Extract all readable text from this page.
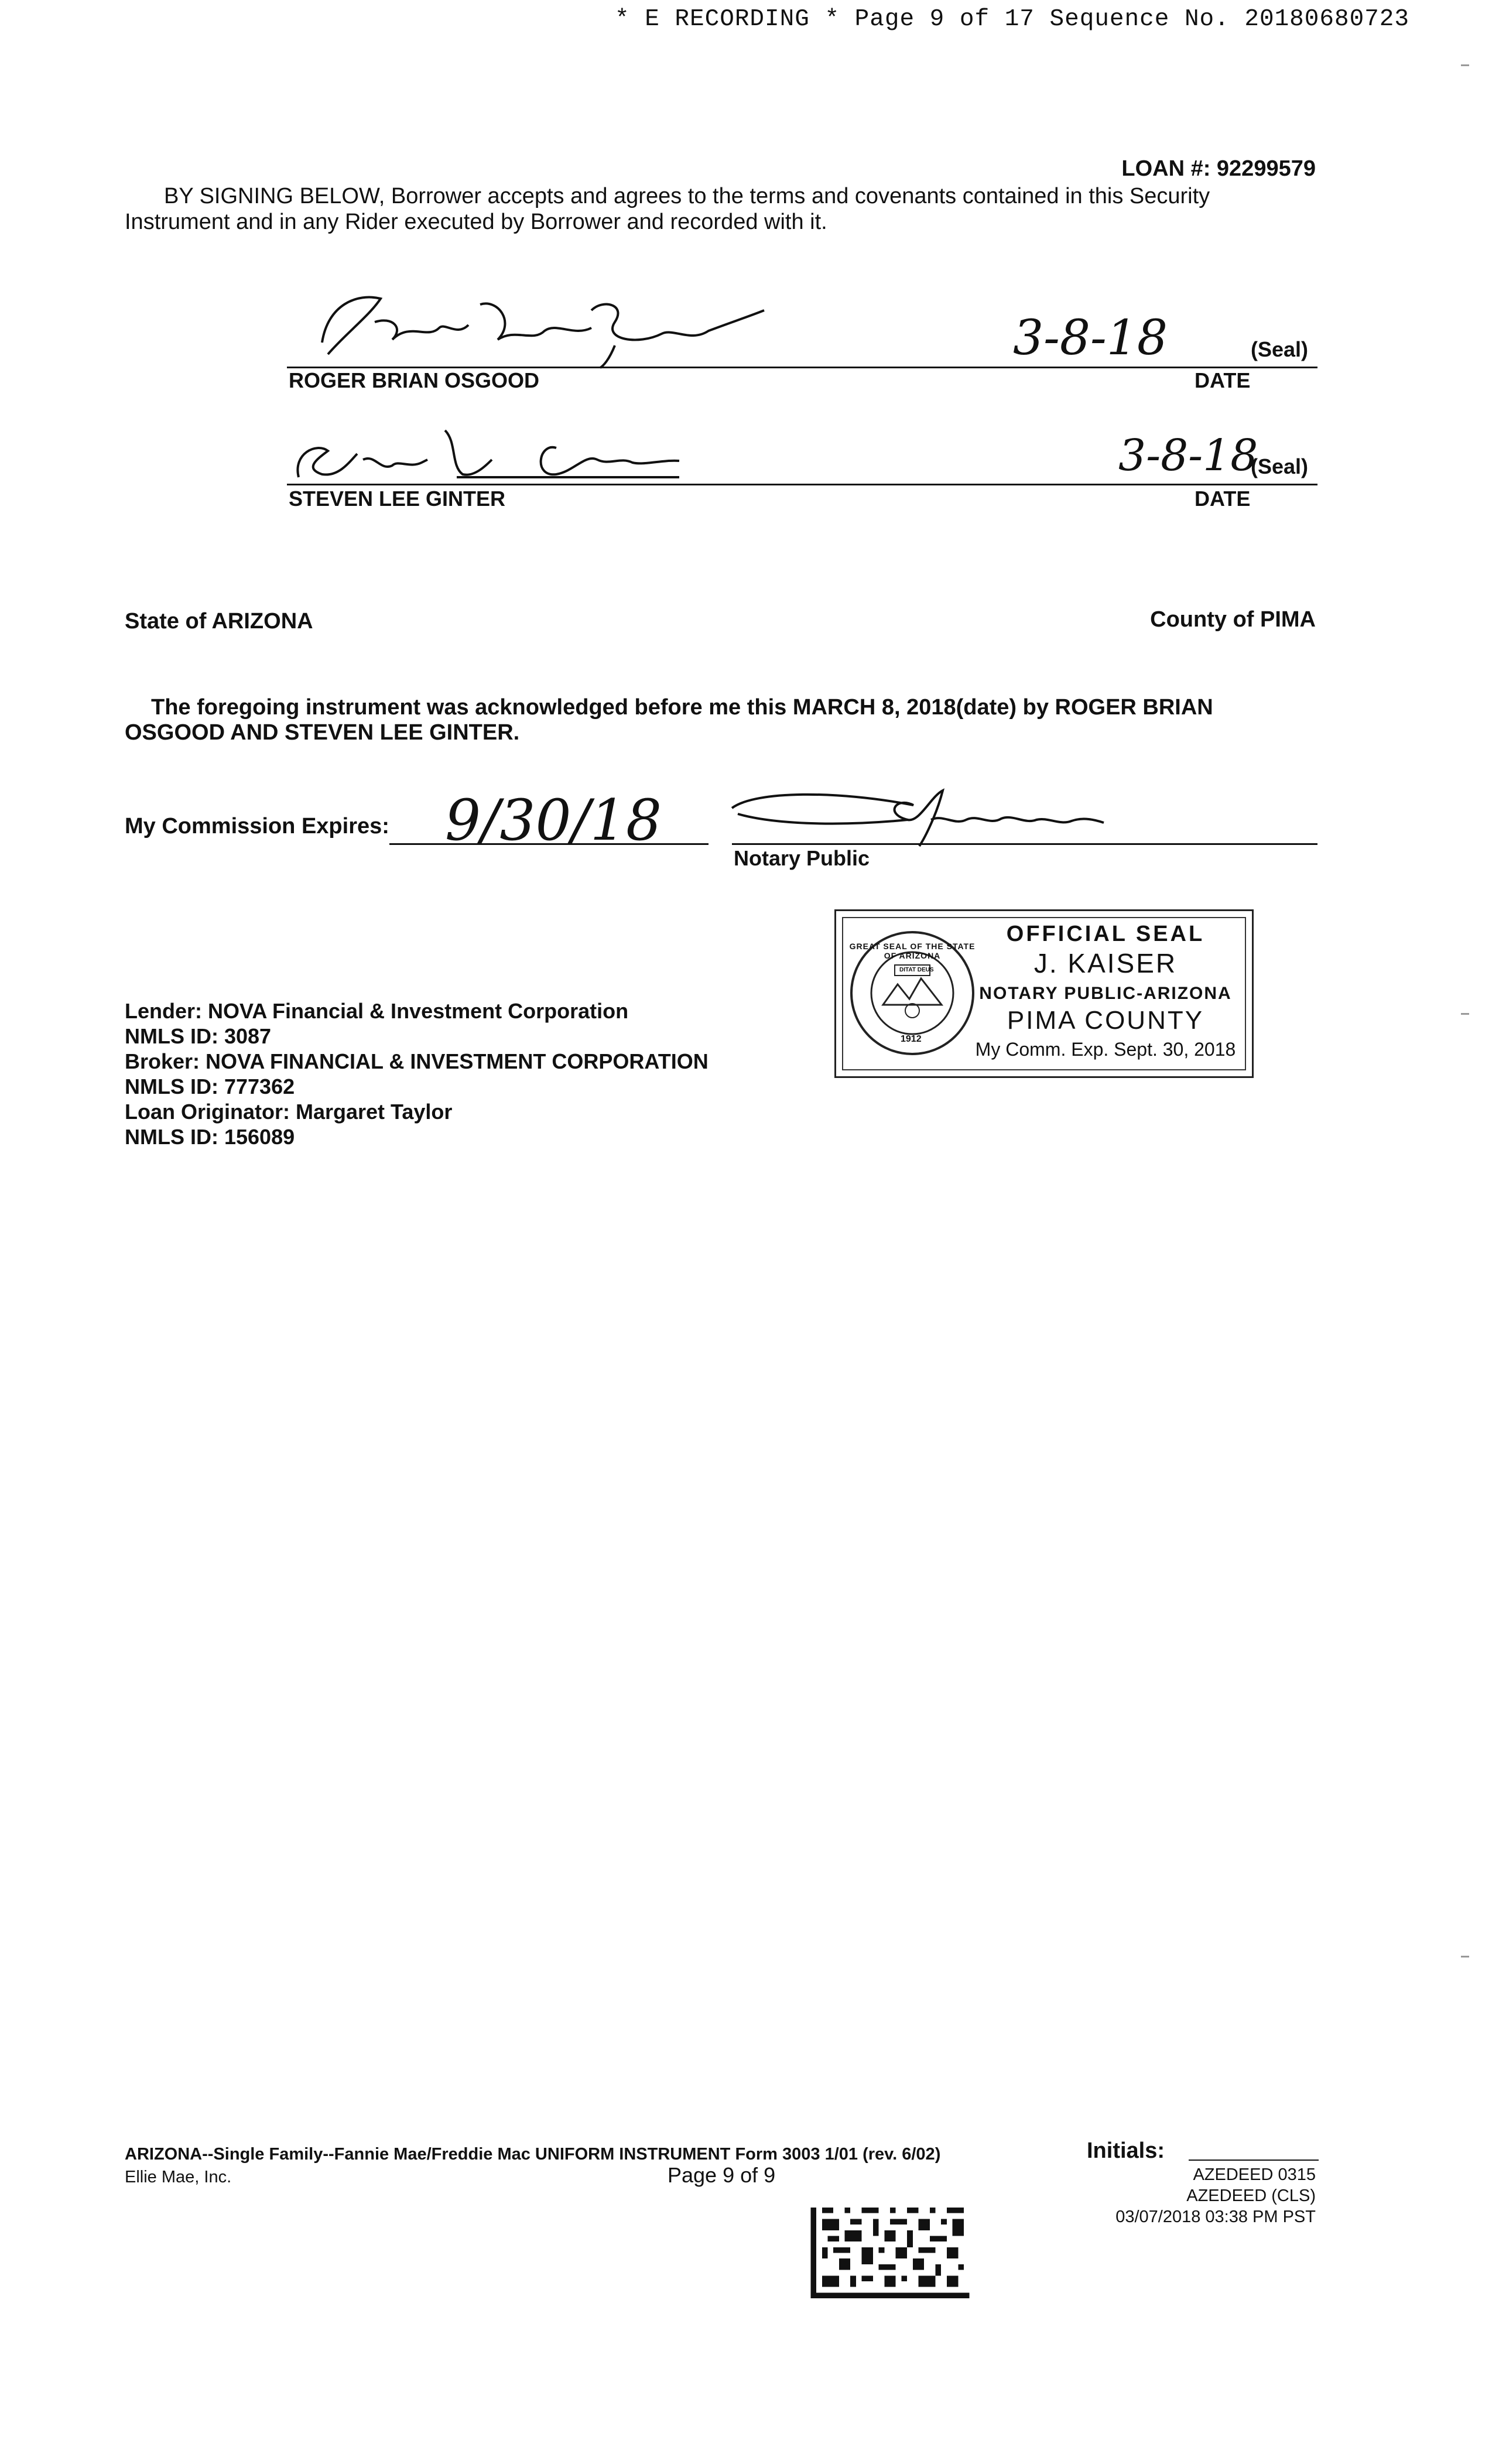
* E RECORDING * Page 9 of 17 Sequence No. 20180680723
LOAN #: 92299579
BY SIGNING BELOW, Borrower accepts and agrees to the terms and covenants contained in this Security
Instrument and in any Rider executed by Borrower and recorded with it.
ROGER BRIAN OSGOOD
3-8-18	(Seal)
DATE
STEVEN LEE GINTER
3-8-18
(Seal)
DATE
State of ARIZONA	County of PIMA
The foregoing instrument was acknowledged before me this MARCH 8, 2018(date) by ROGER BRIAN
OSGOOD AND STEVEN LEE GINTER.
My Commission Expires: 9/30/18
Notary Public
GREAT SEAL OF THE STATE OF ARIZONA
DITAT DEUS
1912
OFFICIAL SEAL
J. KAISER
NOTARY PUBLIC-ARIZONA
PIMA COUNTY
My Comm. Exp. Sept. 30, 2018
Lender: NOVA Financial & Investment Corporation
NMLS ID: 3087
Broker: NOVA FINANCIAL & INVESTMENT CORPORATION
NMLS ID: 777362
Loan Originator: Margaret Taylor
NMLS ID: 156089
ARIZONA--Single Family--Fannie Mae/Freddie Mac UNIFORM INSTRUMENT Form 3003 1/01 (rev. 6/02)
Ellie Mae, Inc.	Page 9 of 9
Initials:
AZEDEED 0315
AZEDEED (CLS)
03/07/2018 03:38 PM PST
